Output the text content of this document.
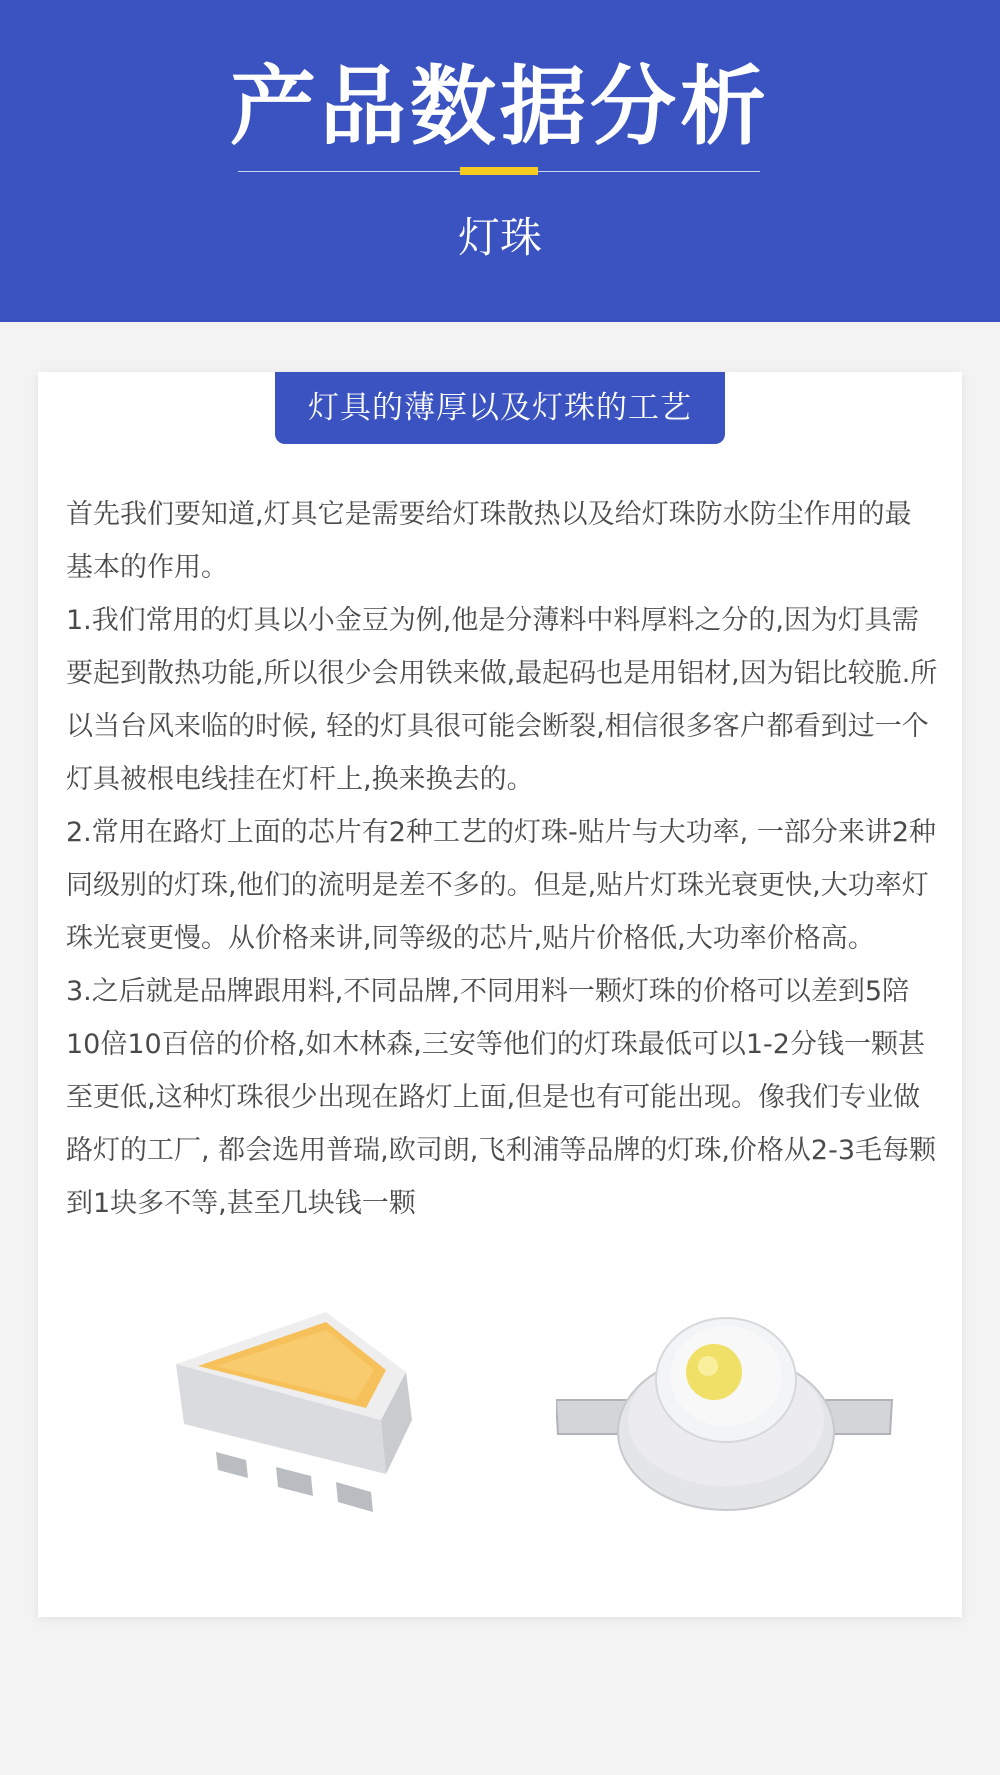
产品数据分析
灯珠
灯具的薄厚以及灯珠的工艺

首先我们要知道,灯具它是需要给灯珠散热以及给灯珠防水防尘作用的最基本的作用。

1.我们常用的灯具以小金豆为例,他是分薄料中料厚料之分的,因为灯具需要起到散热功能,所以很少会用铁来做,最起码也是用铝材,因为铝比较脆.所以当台风来临的时候, 轻的灯具很可能会断裂,相信很多客户都看到过一个灯具被根电线挂在灯杆上,换来换去的。

2.常用在路灯上面的芯片有2种工艺的灯珠-贴片与大功率, 一部分来讲2种同级别的灯珠,他们的流明是差不多的。但是,贴片灯珠光衰更快,大功率灯珠光衰更慢。从价格来讲,同等级的芯片,贴片价格低,大功率价格高。

3.之后就是品牌跟用料,不同品牌,不同用料一颗灯珠的价格可以差到5陪10倍10百倍的价格,如木林森,三安等他们的灯珠最低可以1-2分钱一颗甚至更低,这种灯珠很少出现在路灯上面,但是也有可能出现。像我们专业做路灯的工厂, 都会选用普瑞,欧司朗,飞利浦等品牌的灯珠,价格从2-3毛每颗到1块多不等,甚至几块钱一颗
